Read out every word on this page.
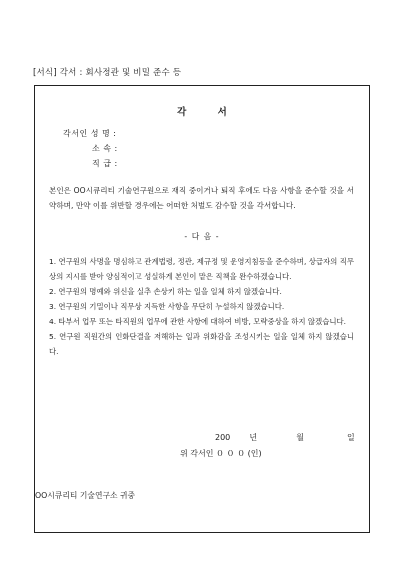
[서식] 각서 : 회사정관 및 비밀 준수 등
각 서
각서인 성 명 :
소 속 :
직 급 :
본인은 OO시큐리티 기술연구원으로 재직 중이거나 퇴직 후에도 다음 사항을 준수할 것을 서약하며, 만약 이를 위반할 경우에는 어떠한 처벌도 감수할 것을 각서합니다.
- 다 음 -

1. 연구원의 사명을 명심하고 관계법령, 정관, 제규정 및 운영지침등을 준수하며, 상급자의 직무상의 지시를 받아 양심적이고 성실하게 본인이 맡은 직책을 완수하겠습니다.

2. 연구원의 명예와 위신을 실추 손상키 하는 일을 일체 하지 않겠습니다.

3. 연구원의 기밀이나 직무상 지득한 사항을 무단히 누설하지 않겠습니다.

4. 타부서 업무 또는 타직원의 업무에 관한 사항에 대하여 비방, 모략중상을 하지 않겠습니다.

5. 연구원 직원간의 인화단결을 저해하는 일과 위화감을 조성시키는 일을 일체 하지 않겠습니다.

200 년	월	일
위 각서인 ０ ０ ０ (인)
OO시큐리티 기술연구소 귀중
